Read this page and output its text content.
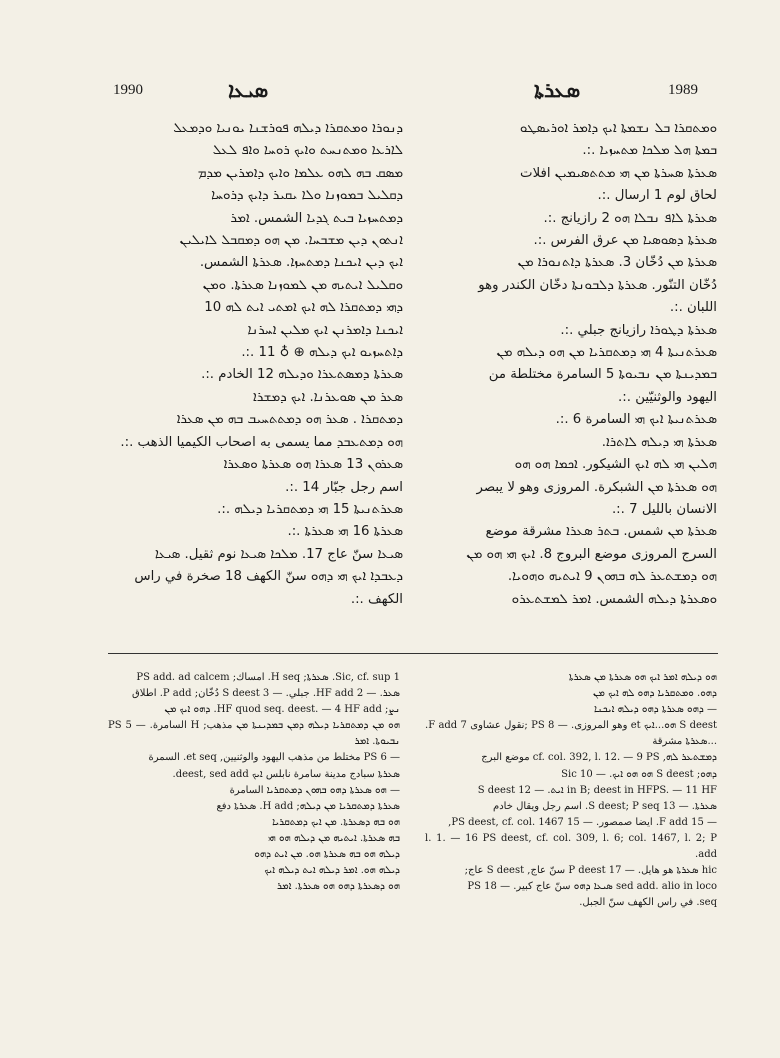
1990	ܣܝܥܐ	ܣܥܪܬܐ	1989

ܕܢܘܪܐ ܘܡܬܩܪܐ ܕܝܠܗ ܦܘܪܫܢܐ ܝܘܢܝܐ ܘܕܡܥܠ

ܠܐܪܥܐ ܘܡܬܢܚܬ ܘܐܝܟ ܪܘܚܐ ܘܐܦ ܠܥܠ

ܡܣܩ ܒܗ ܠܗܘ ܥܠܡܐ ܘܐܝܟ ܕܐܡܪܝܢ ܡܕܡ

ܕܩܠܝܠ ܒܡܘܙܢܐ ܘܠܐ ܝܩܝܪ ܕܐܝܟ ܕܪܘܚܐ

ܕܡܬܚܙܝܐ ܒܝܬ ܓܕܝܐ الشمس. ܐܡܪ

ܐܢܬܘܢ ܕܝܢ ܡܫܒܚܐ. ܡܢ ܗܘ ܕܡܩܒܠ ܠܐܝܠܝܢ

ܐܝܟ ܕܝܢ ܐܝܟܢܐ ܕܡܬܚܙܐ. ܣܥܪܬܐ الشمس.

ܘܩܠܝܠ ܐܝܬܝܗ ܡܢ ܠܡܘܙܢܐ ܣܥܪܬܐ. ܘܡܢ

ܕܗܝ ܕܡܬܩܪܐ ܠܗ ܐܝܟ ܐܡܬܝ ܐܝܬ ܠܗ 10

ܐܝܟܢܐ ܕܐܡܪܢܢ ܐܝܟ ܡܠܝܢ ܐܚܪܢܐ

ܕܐܬܚܙܝܘ ܐܝܟ ܕܝܠܗ ⊕ ♁ 11 .:.

ܣܥܪܬܐ ܕܡܣܬܥܪܐ ܘܕܝܠܗ 12 الخادم .:.

ܣܥܪ ܡܢ ܣܘܥܪܢܐ. ܐܝܟ ܕܡܫܪܐ

ܕܡܬܩܪܐ . ܣܥܪ ܗܘ ܕܡܬܬܚܝܒ ܒܗ ܡܢ ܣܥܪܐ

ܗܘ ܕܡܬܥܒܕ مما يسمى به اصحاب الكيميا الذهب .:.

ܣܥܪܘܢ 13 ܣܥܪܐ ܗܘ ܣܥܪܬܐ ܘܣܥܪܐ

اسم رجل جبّار 14 .:.

ܣܥܪܬܢܝܬܐ 15 ܗܝ ܕܡܬܩܪܝܐ ܕܝܠܗ .:.

ܣܥܪܬܐ 16 ܗܝ ܣܥܪܬܐ .:.

ܣܝܥܐ سنّ عاج 17. ܡܠܟܐ ܣܝܥܐ نوم ثقيل. ܣܝܥܐ

ܕܥܒܕܐ ܐܝܟ ܗܝ ܕܗܘ سنّ الكهف 18 صخرة في راس

الكهف .:.

ܘܡܬܩܪܐ ܒܠ ܢܫܡܬܐ ܐܝܟ ܕܐܡܪ ܐܘܪܝܣܛܘ

ܒܡܬܐ ܗܠ ܡܠܟܐ ܡܬܚܙܝܐ .:.

ܣܥܪܬܐ ܣܚܪܬܐ ܡܢ ܗܝ ܡܬܬܣܝܡܝܢ افلات

لحاق لوم 1 ارسال .:.

ܣܥܪܬܐ ܠܐܦ ܢܒܠܐ ܗܘ 2 رازيانج .:.

ܣܥܪܬܐ ܕܣܘܣܝܐ ܡܢ عرق الفرس .:.

ܣܥܪܬܐ ܡܢ دُخّان 3. ܣܥܪܬܐ ܕܐܬܢܘܪܐ ܡܢ

دُخّان التنّور. ܣܥܪܬܐ ܕܠܒܘܢܬܐ دخّان الكندر وهو

اللبان .:.

ܣܥܪܬܐ ܕܛܘܪܐ رازيانج جبلي .:.

ܣܥܪܬܢܝܬܐ 4 ܗܝ ܕܡܬܩܪܝܐ ܡܢ ܗܘ ܕܝܠܗ ܡܢ

ܒܡܕܝܢܬܐ ܡܢ ܢܒܝܘܬܐ 5 السامرة مختلطة من

اليهود والوثنيّين .:.

ܣܥܪܬܢܝܬܐ ܐܝܟ ܗܝ السامرة 6 .:.

ܣܥܪܬܐ ܗܝ ܕܝܠܗ ܠܐܬܪܐ.

ܗܠܝܢ ܗܝ ܠܗ ܐܝܟ الشيكور. ܐܟܡܐ ܗܘ ܗܘ

ܗܘ ܣܥܪܬܐ ܡܢ الشبكرة. المروزى وهو لا يبصر

الانسان بالليل 7 .:.

ܣܥܪܬܐ ܡܢ شمس. ܒܬܪ ܣܥܪܐ مشرقة موضع

السرج المروزى موضع البروج 8. ܐܝܟ ܗܝ ܗܘ ܡܢ

ܗܘ ܕܡܫܬܥܪ ܠܗ ܒܗܘܢ 9 ܐܝܬܝܗ ܘܗܘܝܐ.

ܘܣܥܪܬܐ ܕܝܠܗ الشمس. ܐܡܪ ܠܡܫܬܥܪܘ

1 Sic, cf. sup. ܣܥܪܬܐ; H seq. امساك; PS add. ad calcem

ܣܥܪ. — 2 HF add. جبلي. — 3 S deest دُخّان; P add. اطلاق

ܢܨ; HF quod seq. deest. — 4 HF add. ܕܗܘ ܐܝܟ ܡܢ

ܗܘ ܡܢ ܕܡܬܩܪܝܐ ܕܝܠܗ ܕܡܢ ܒܡܕܝܢܬܐ ܡܢ مذهب; H السامرة. — 5 PS ܢܒܝܘܬܐ. ܐܡܪ

— 6 PS مختلط من مذهب اليهود والوثنيين, et seq. السمرة

ܣܥܪܬܐ سبادج مدينة سامرة نابلس ܐܝܟ deest, sed add.

— ܗܘ ܣܥܪܬܐ ܕܗܘ ܒܗܘܢ ܕܡܬܩܪܝܐ السامرة

ܣܥܪܬܐ ܕܡܬܩܪܝܐ ܡܢ ܕܝܠܗ; H add. ܣܥܪܬܐ دفع

ܗܘ ܒܗ ܕܣܥܪܬܐ. ܡܢ ܐܝܟ ܕܡܬܩܪܝܐ

ܒܗ ܣܥܪܬܐ. ܐܝܬܝܗ ܡܢ ܕܝܠܗ ܗܘ ܗܝ

ܕܝܠܗ ܗܘ ܒܗ ܣܥܪܬܐ ܗܘ. ܡܢ ܐܝܬ ܕܗܘ

ܕܝܠܗ ܗܘ. ܐܡܪ ܕܝܠܗ ܐܝܬ ܕܝܠܗ ܐܝܟ

ܗܘ ܕܣܥܪܬܐ ܕܗܘ ܗܘ ܣܥܪܬܐ. ܐܡܪ

ܗܘ ܕܝܠܗ ܐܡܪ ܐܝܟ ܗܘ ܣܥܪܬܐ ܡܢ ܣܥܪܬܐ

ܕܗܘ. ܘܡܬܩܪܝܐ ܕܗܘ ܠܗ ܐܝܟ ܡܢ

— ܕܗܘ ܣܥܪܬܐ ܕܗܘ ܕܝܠܗ ܐܝܟܢܐ

S deest ܗܘ...ܐܝܟ et وهو المروزى. — 8 PS ;نقول عشاوى 7 F add. ...ܣܥܪܬܐ مشرقة

ܕܡܫܬܥܪ ܠܗ, cf. col. 392, l. 12. — 9 PS موضع البرج

ܕܗܘ; S deest ܗܘ ܗܘ ܐܝܟ. — 10 Sic

in B; deest in HFPS. — 11 HF ܐܝܬ. — 12 S deest

ܣܥܪܬܐ. — 13 S deest; P seq. اسم رجل ويقال خادم

— 15 F add. ايضا صمصور. — 15 PS deest, cf. col. 1467,

l. 1. — 16 PS deest, cf. col. 309, l. 6; col. 1467, l. 2; P add.

hic ܣܥܪܬܐ هو هايل. — 17 P deest سنّ عاج, S deest عاج;

sed add. alio in loco ܣܝܥܐ ܕܗܘ سنّ عاج كبير. — 18 PS

seq. في راس الكهف سنّ الجبل.
